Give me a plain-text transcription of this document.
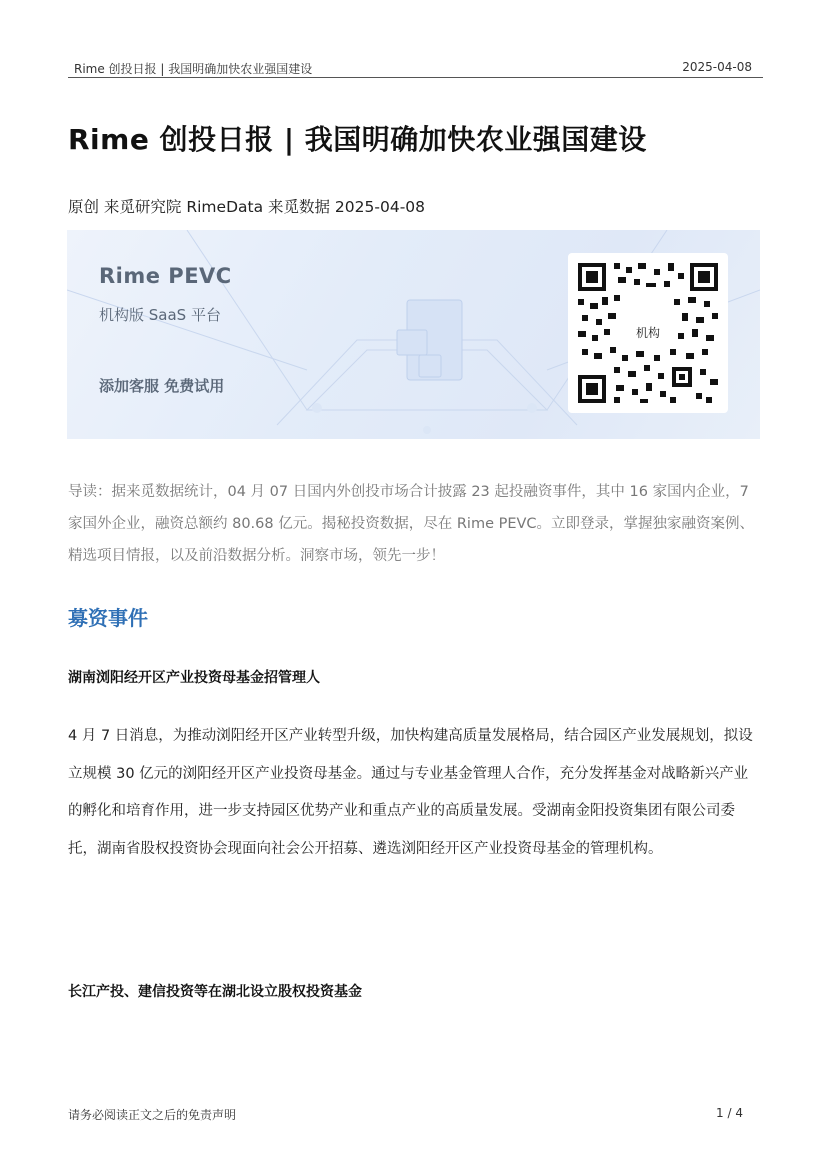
Rime 创投日报 | 我国明确加快农业强国建设	2025-04-08
Rime 创投日报 | 我国明确加快农业强国建设
原创 来觅研究院 RimeData 来觅数据 2025-04-08
Rime PEVC
机构版 SaaS 平台
添加客服 免费试用
机构
导读：据来觅数据统计，04 月 07 日国内外创投市场合计披露 23 起投融资事件，其中 16 家国内企业，7 家国外企业，融资总额约 80.68 亿元。揭秘投资数据，尽在 Rime PEVC。立即登录，掌握独家融资案例、精选项目情报，以及前沿数据分析。洞察市场，领先一步！
募资事件
湖南浏阳经开区产业投资母基金招管理人
4 月 7 日消息，为推动浏阳经开区产业转型升级，加快构建高质量发展格局，结合园区产业发展规划，拟设立规模 30 亿元的浏阳经开区产业投资母基金。通过与专业基金管理人合作，充分发挥基金对战略新兴产业的孵化和培育作用，进一步支持园区优势产业和重点产业的高质量发展。受湖南金阳投资集团有限公司委托，湖南省股权投资协会现面向社会公开招募、遴选浏阳经开区产业投资母基金的管理机构。
长江产投、建信投资等在湖北设立股权投资基金
请务必阅读正文之后的免责声明	1 / 4
